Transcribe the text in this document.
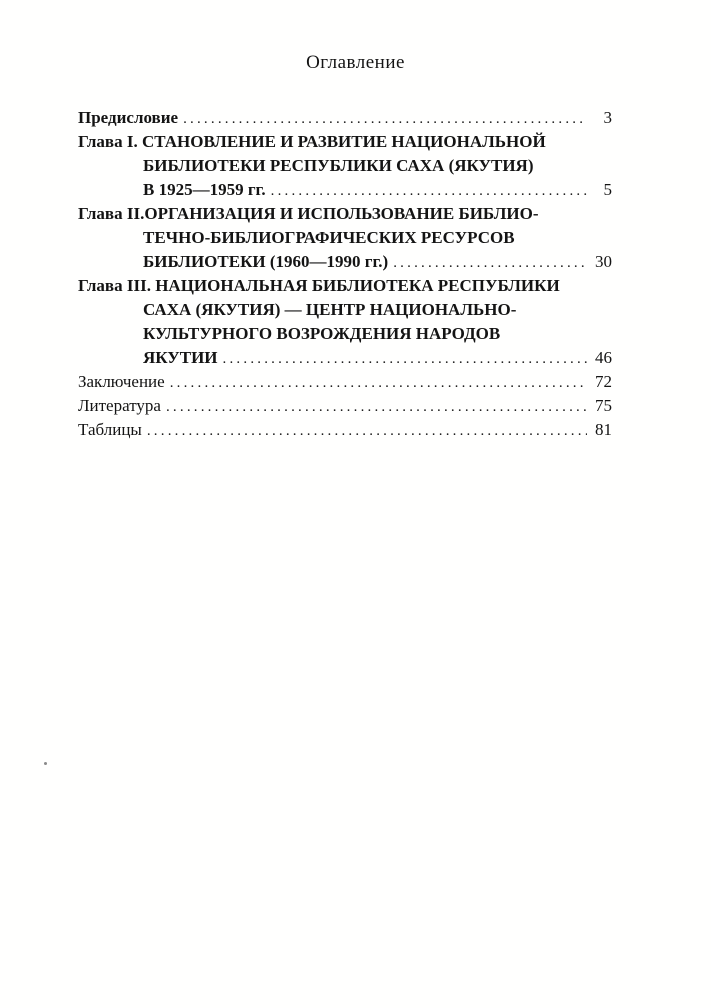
Оглавление
Предисловие .....	3
Глава I. СТАНОВЛЕНИЕ И РАЗВИТИЕ НАЦИОНАЛЬНОЙ
БИБЛИОТЕКИ РЕСПУБЛИКИ САХА (ЯКУТИЯ)
В 1925—1959 гг. .....	5
Глава II.ОРГАНИЗАЦИЯ И ИСПОЛЬЗОВАНИЕ БИБЛИО-
ТЕЧНО-БИБЛИОГРАФИЧЕСКИХ РЕСУРСОВ
БИБЛИОТЕКИ (1960—1990 гг.) .....	30
Глава III. НАЦИОНАЛЬНАЯ БИБЛИОТЕКА РЕСПУБЛИКИ
САХА (ЯКУТИЯ) — ЦЕНТР НАЦИОНАЛЬНО-
КУЛЬТУРНОГО ВОЗРОЖДЕНИЯ НАРОДОВ
ЯКУТИИ .....	46
Заключение .....	72
Литература .....	75
Таблицы .....	81
